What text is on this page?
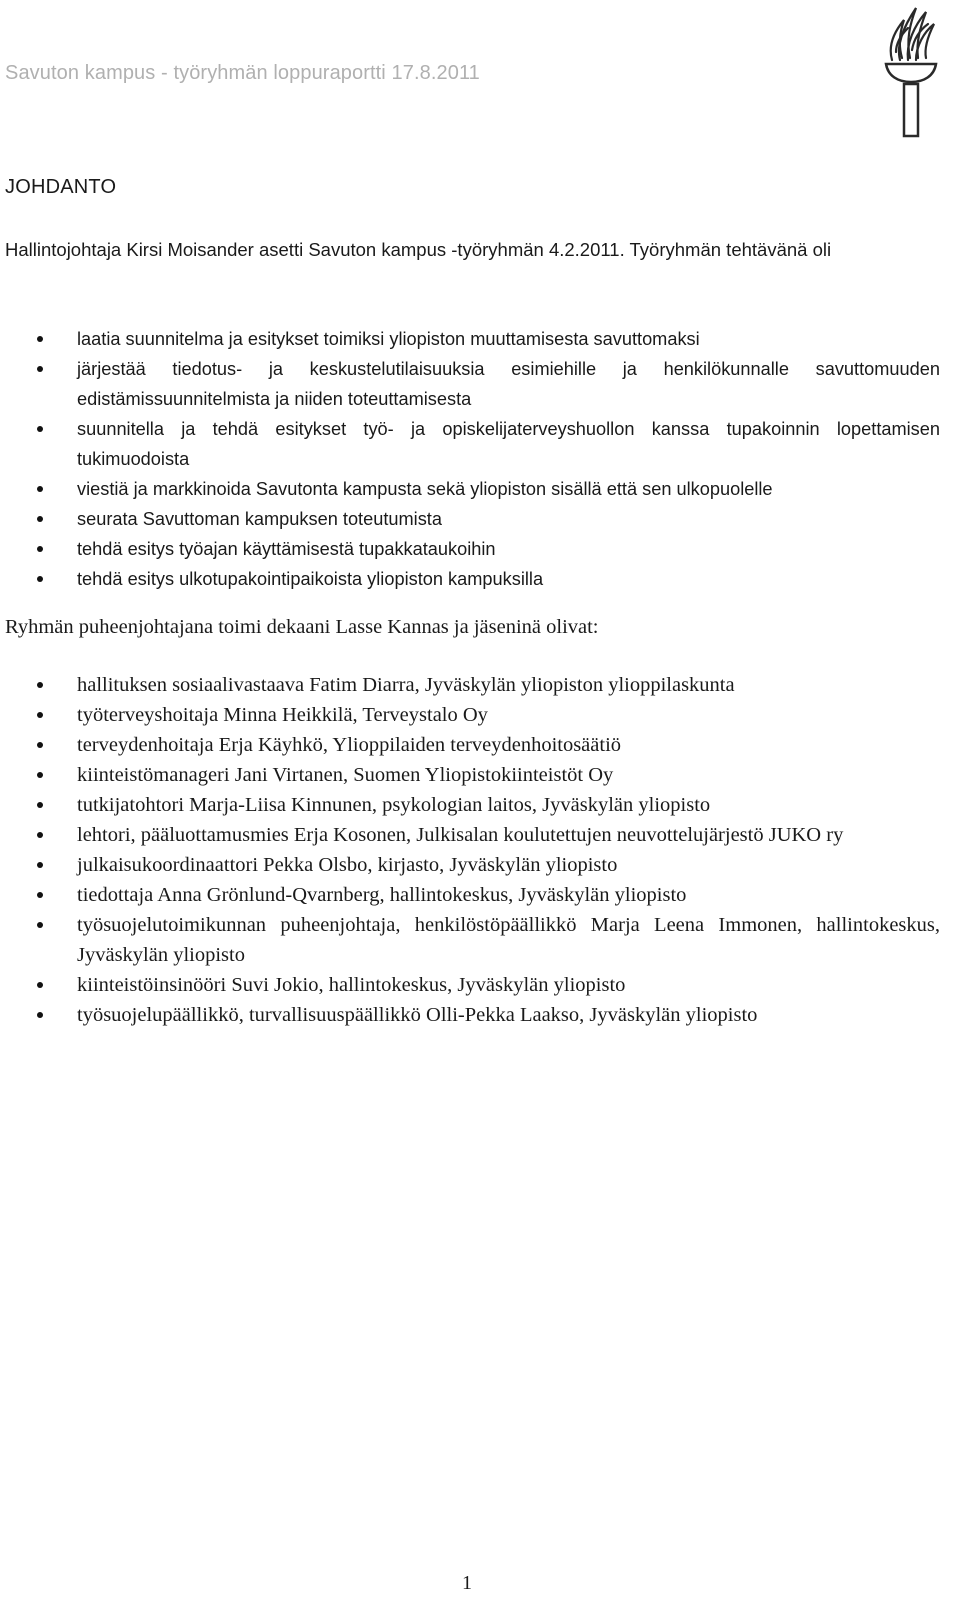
Savuton kampus - työryhmän loppuraportti 17.8.2011

JOHDANTO

Hallintojohtaja Kirsi Moisander asetti Savuton kampus -työryhmän 4.2.2011. Työryhmän tehtävänä oli

laatia suunnitelma ja esitykset toimiksi yliopiston muuttamisesta savuttomaksi
järjestää tiedotus- ja keskustelutilaisuuksia esimiehille ja henkilökunnalle savuttomuuden edistämissuunnitelmista ja niiden toteuttamisesta
suunnitella ja tehdä esitykset työ- ja opiskelijaterveyshuollon kanssa tupakoinnin lopettamisen tukimuodoista
viestiä ja markkinoida Savutonta kampusta sekä yliopiston sisällä että sen ulkopuolelle
seurata Savuttoman kampuksen toteutumista
tehdä esitys työajan käyttämisestä tupakkataukoihin
tehdä esitys ulkotupakointipaikoista yliopiston kampuksilla

Ryhmän puheenjohtajana toimi dekaani Lasse Kannas ja jäseninä olivat:

hallituksen sosiaalivastaava Fatim Diarra, Jyväskylän yliopiston ylioppilaskunta
työterveyshoitaja Minna Heikkilä, Terveystalo Oy
terveydenhoitaja Erja Käyhkö, Ylioppilaiden terveydenhoitosäätiö
kiinteistömanageri Jani Virtanen, Suomen Yliopistokiinteistöt Oy
tutkijatohtori Marja-Liisa Kinnunen, psykologian laitos, Jyväskylän yliopisto
lehtori, pääluottamusmies Erja Kosonen, Julkisalan koulutettujen neuvottelujärjestö JUKO ry
julkaisukoordinaattori Pekka Olsbo, kirjasto, Jyväskylän yliopisto
tiedottaja Anna Grönlund-Qvarnberg, hallintokeskus, Jyväskylän yliopisto
työsuojelutoimikunnan puheenjohtaja, henkilöstöpäällikkö Marja Leena Immonen, hallintokeskus, Jyväskylän yliopisto
kiinteistöinsinööri Suvi Jokio, hallintokeskus, Jyväskylän yliopisto
työsuojelupäällikkö, turvallisuuspäällikkö Olli-Pekka Laakso, Jyväskylän yliopisto

1
